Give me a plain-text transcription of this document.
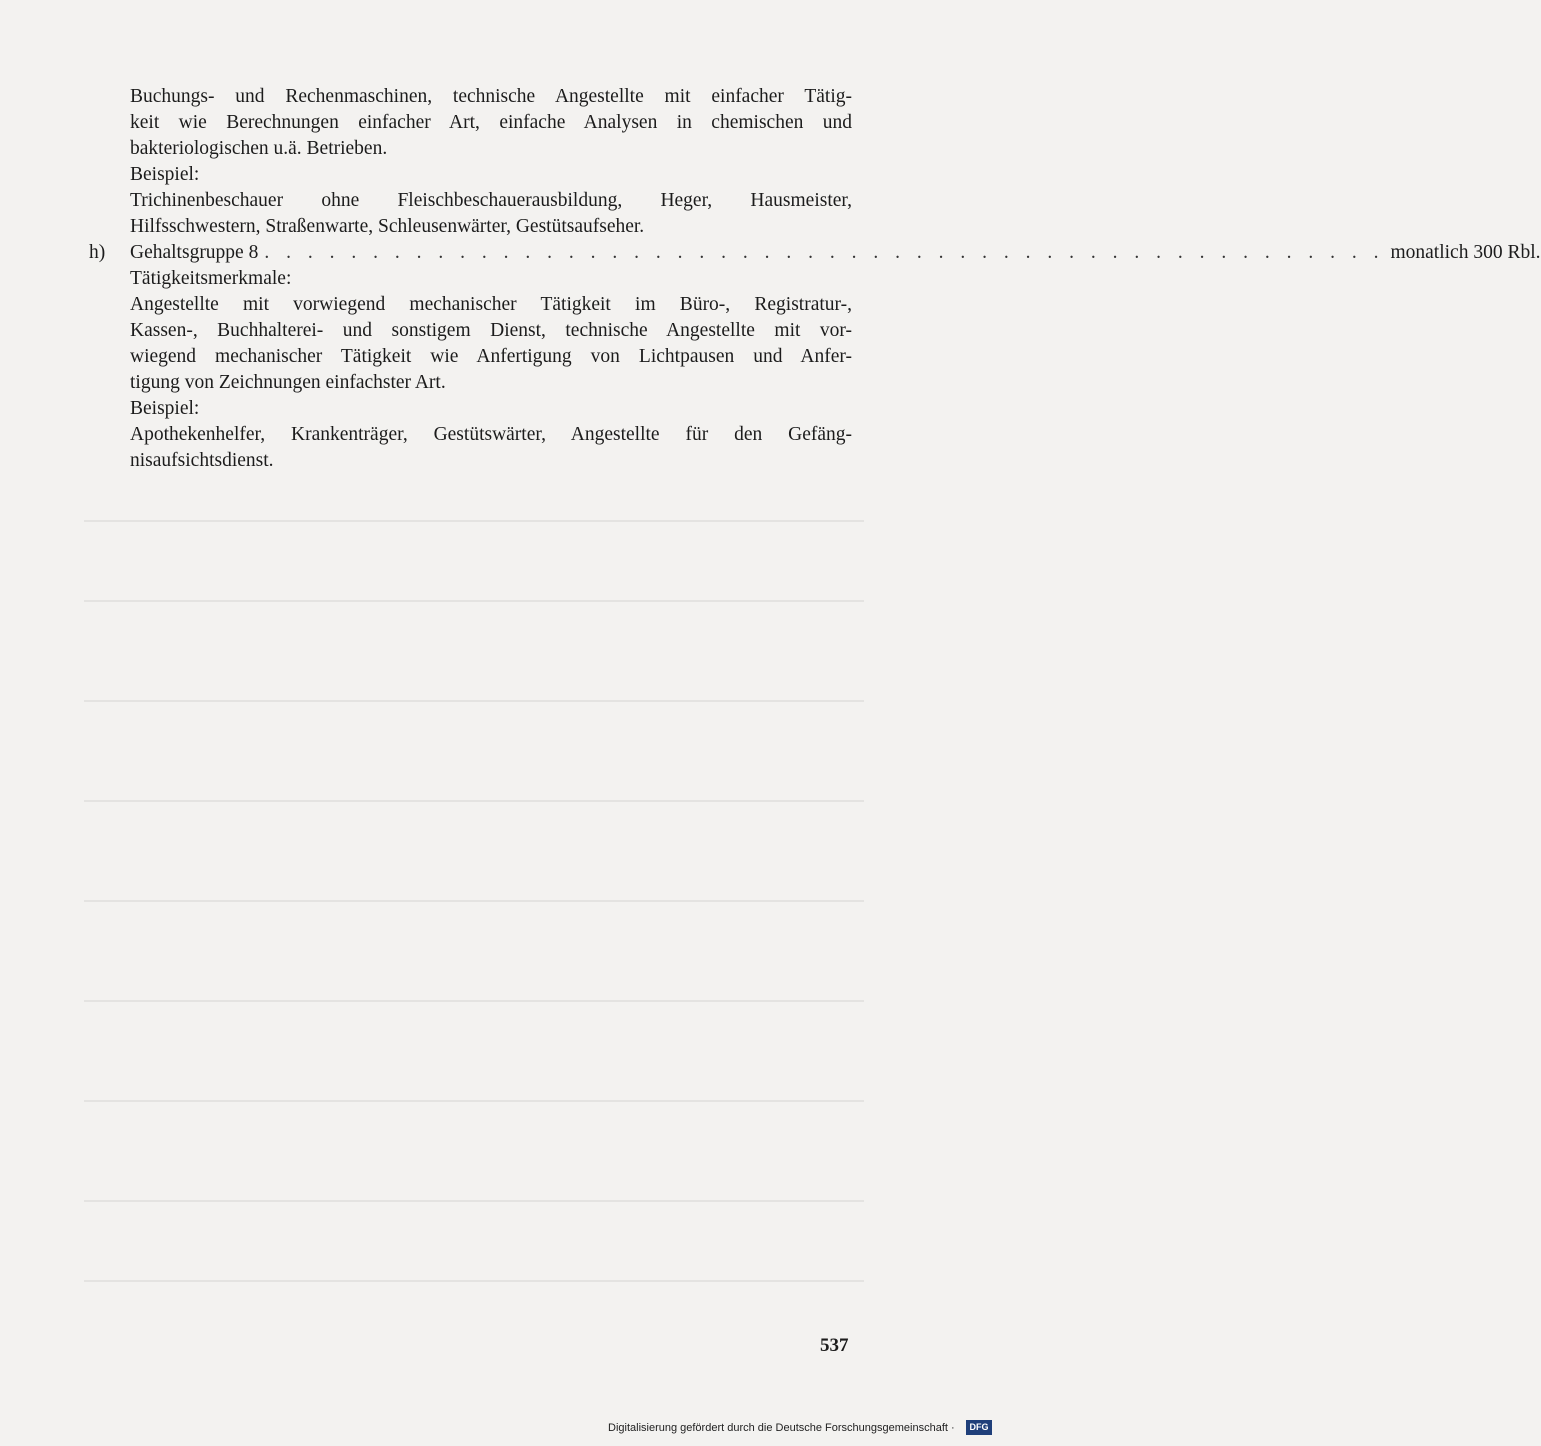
Buchungs- und Rechenmaschinen, technische Angestellte mit einfacher Tätig-
keit wie Berechnungen einfacher Art, einfache Analysen in chemischen und
bakteriologischen u.ä. Betrieben.
Beispiel:
Trichinenbeschauer ohne Fleischbeschauerausbildung, Heger, Hausmeister,
Hilfsschwestern, Straßenwarte, Schleusenwärter, Gestütsaufseher.
h) Gehaltsgruppe 8 . . . . . . . . . . . . . . . . . . . . . . . . . . . . . . . . . . . . . . . . . . . . . . . . . . . . monatlich 300 Rbl.
Tätigkeitsmerkmale:
Angestellte mit vorwiegend mechanischer Tätigkeit im Büro-, Registratur-,
Kassen-, Buchhalterei- und sonstigem Dienst, technische Angestellte mit vor-
wiegend mechanischer Tätigkeit wie Anfertigung von Lichtpausen und Anfer-
tigung von Zeichnungen einfachster Art.
Beispiel:
Apothekenhelfer, Krankenträger, Gestütswärter, Angestellte für den Gefäng-
nisaufsichtsdienst.
537
Digitalisierung gefördert durch die Deutsche Forschungsgemeinschaft ·	DFG
